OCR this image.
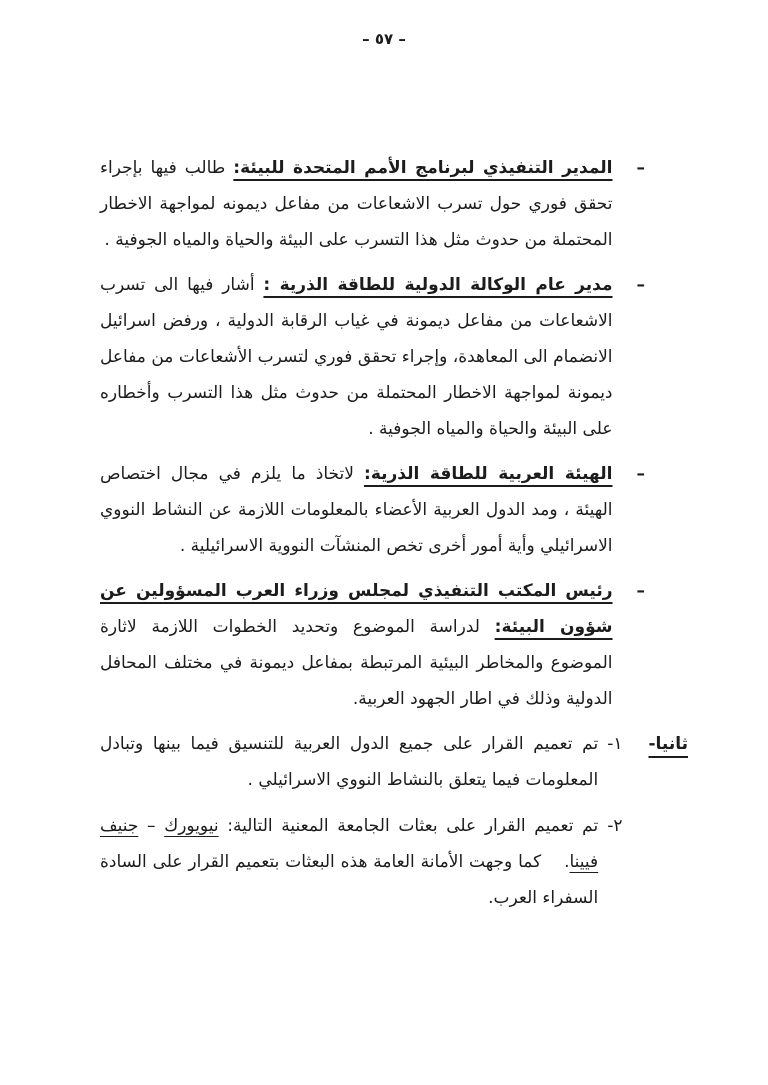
– ٥٧ –
–

المدير التنفيذي لبرنامج الأمم المتحدة للبيئة: طالب فيها بإجراء تحقق فوري حول تسرب الاشعاعات من مفاعل ديمونه لمواجهة الاخطار المحتملة من حدوث مثل هذا التسرب على البيئة والحياة والمياه الجوفية .

–

مدير عام الوكالة الدولية للطاقة الذرية : أشار فيها الى تسرب الاشعاعات من مفاعل ديمونة في غياب الرقابة الدولية ، ورفض اسرائيل الانضمام الى المعاهدة، وإجراء تحقق فوري لتسرب الأشعاعات من مفاعل ديمونة لمواجهة الاخطار المحتملة من حدوث مثل هذا التسرب وأخطاره على البيئة والحياة والمياه الجوفية .

–

الهيئة العربية للطاقة الذرية: لاتخاذ ما يلزم في مجال اختصاص الهيئة ، ومد الدول العربية الأعضاء بالمعلومات اللازمة عن النشاط النووي الاسرائيلي وأية أمور أخرى تخص المنشآت النووية الاسرائيلية .

–

رئيس المكتب التنفيذي لمجلس وزراء العرب المسؤولين عن شؤون البيئة: لدراسة الموضوع وتحديد الخطوات اللازمة لاثارة الموضوع والمخاطر البيئية المرتبطة بمفاعل ديمونة في مختلف المحافل الدولية وذلك في اطار الجهود العربية.

ثانيا-
١-

تم تعميم القرار على جميع الدول العربية للتنسيق فيما بينها وتبادل المعلومات فيما يتعلق بالنشاط النووي الاسرائيلي .

٢-

تم تعميم القرار على بعثات الجامعة المعنية التالية: نيويورك – جنيف فيينا.  كما وجهت الأمانة العامة هذه البعثات بتعميم القرار على السادة السفراء العرب.
